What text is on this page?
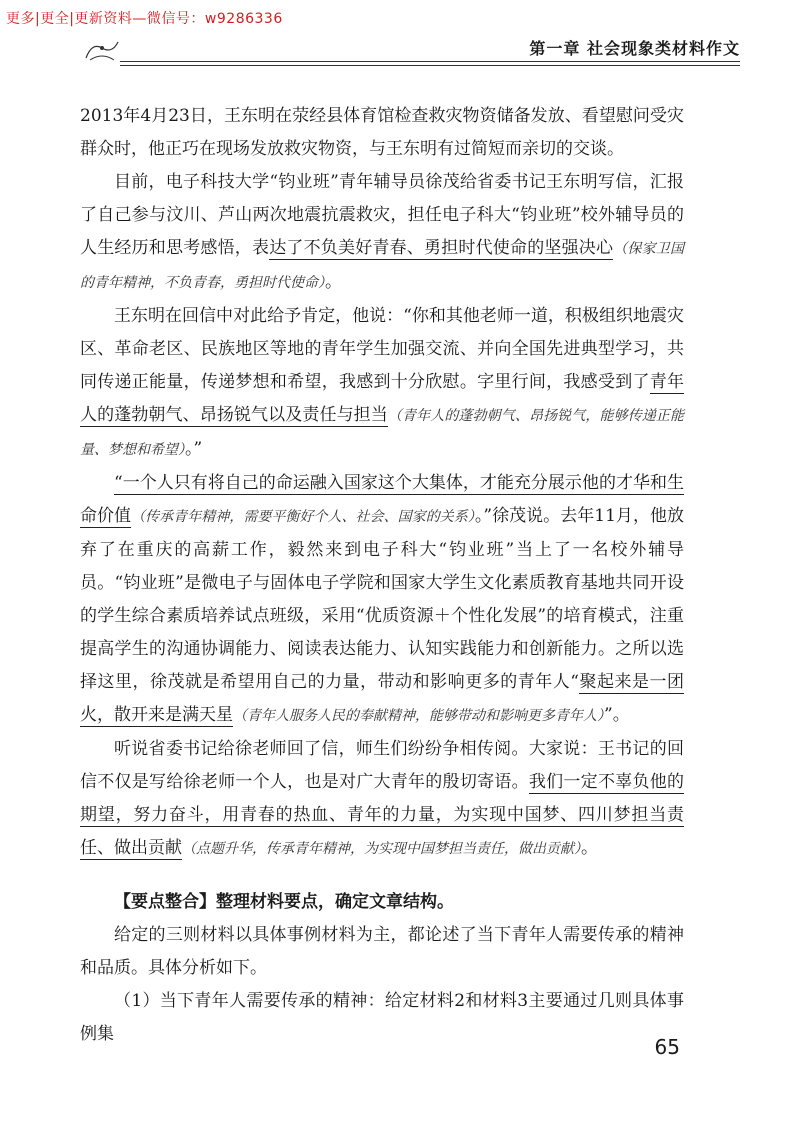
更多|更全|更新资料—微信号：w9286336
第一章 社会现象类材料作文

2013年4月23日，王东明在荥经县体育馆检查救灾物资储备发放、看望慰问受灾群众时，他正巧在现场发放救灾物资，与王东明有过简短而亲切的交谈。

目前，电子科技大学“钧业班”青年辅导员徐茂给省委书记王东明写信，汇报了自己参与汶川、芦山两次地震抗震救灾，担任电子科大“钧业班”校外辅导员的人生经历和思考感悟，表达了不负美好青春、勇担时代使命的坚强决心（保家卫国的青年精神，不负青春，勇担时代使命）。

王东明在回信中对此给予肯定，他说：“你和其他老师一道，积极组织地震灾区、革命老区、民族地区等地的青年学生加强交流、并向全国先进典型学习，共同传递正能量，传递梦想和希望，我感到十分欣慰。字里行间，我感受到了青年人的蓬勃朝气、昂扬锐气以及责任与担当（青年人的蓬勃朝气、昂扬锐气，能够传递正能量、梦想和希望）。”

“一个人只有将自己的命运融入国家这个大集体，才能充分展示他的才华和生命价值（传承青年精神，需要平衡好个人、社会、国家的关系）。”徐茂说。去年11月，他放弃了在重庆的高薪工作，毅然来到电子科大“钧业班”当上了一名校外辅导员。“钧业班”是微电子与固体电子学院和国家大学生文化素质教育基地共同开设的学生综合素质培养试点班级，采用“优质资源＋个性化发展”的培育模式，注重提高学生的沟通协调能力、阅读表达能力、认知实践能力和创新能力。之所以选择这里，徐茂就是希望用自己的力量，带动和影响更多的青年人“聚起来是一团火，散开来是满天星（青年人服务人民的奉献精神，能够带动和影响更多青年人）”。

听说省委书记给徐老师回了信，师生们纷纷争相传阅。大家说：王书记的回信不仅是写给徐老师一个人，也是对广大青年的殷切寄语。我们一定不辜负他的期望，努力奋斗，用青春的热血、青年的力量，为实现中国梦、四川梦担当责任、做出贡献（点题升华，传承青年精神，为实现中国梦担当责任，做出贡献）。

【要点整合】整理材料要点，确定文章结构。

给定的三则材料以具体事例材料为主，都论述了当下青年人需要传承的精神和品质。具体分析如下。

（1）当下青年人需要传承的精神：给定材料2和材料3主要通过几则具体事例集

65
